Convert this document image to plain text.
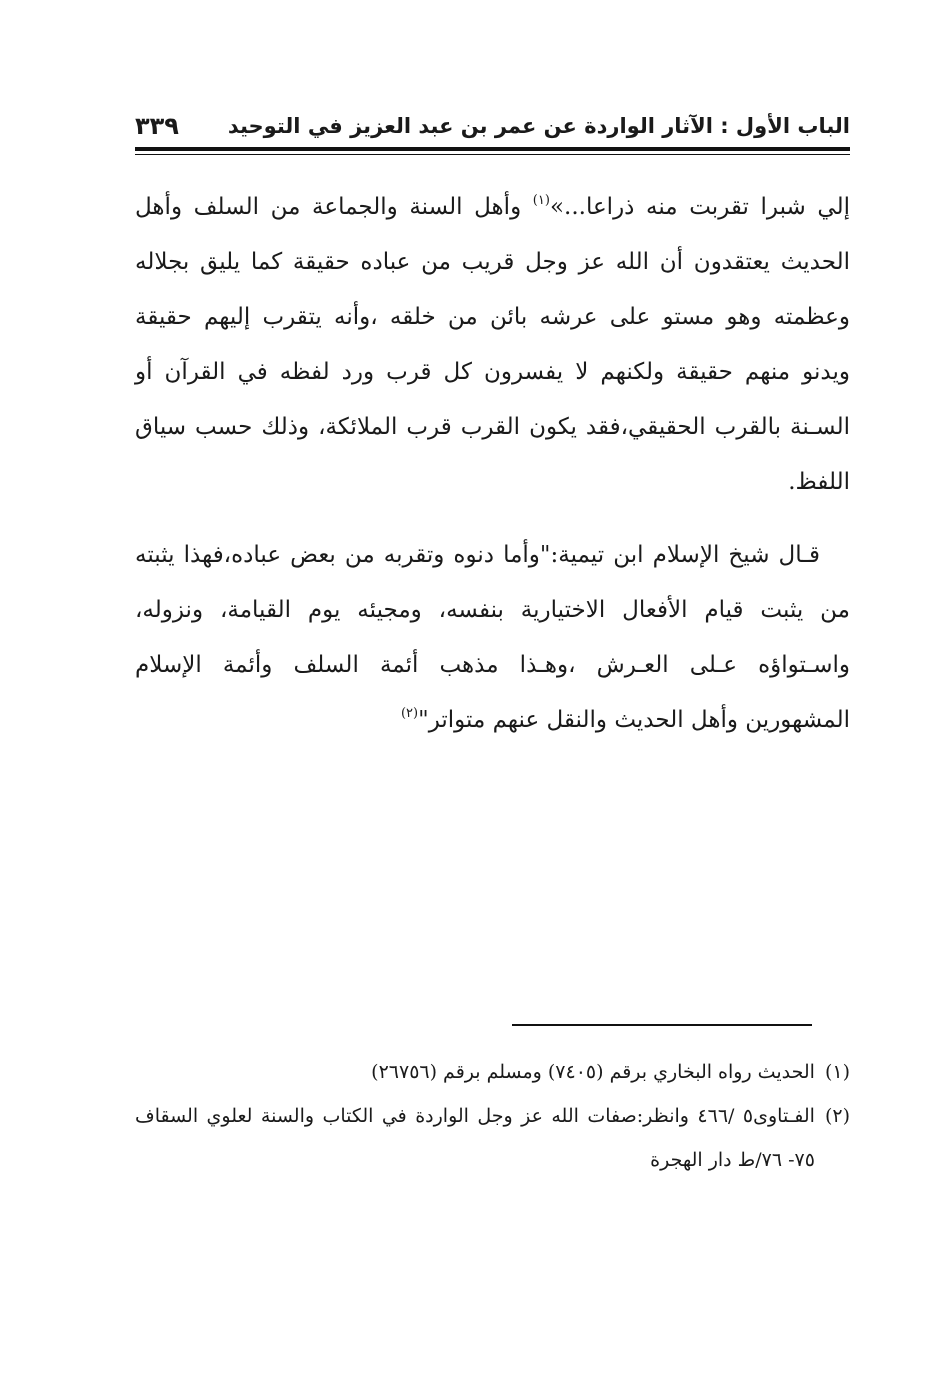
الباب الأول : الآثار الواردة عن عمر بن عبد العزيز في التوحيد
٣٣٩

إلي شبرا تقربت منه ذراعا...»$^{(١)}$ وأهل السنة والجماعة من السلف وأهل الحديث يعتقدون أن الله عز وجل قريب من عباده حقيقة كما يليق بجلاله وعظمته وهو مستو على عرشه بائن من خلقه ،وأنه يتقرب إليهم حقيقة ويدنو منهم حقيقة ولكنهم لا يفسرون كل قرب ورد لفظه في القرآن أو السـنة بالقرب الحقيقي،فقد يكون القرب قرب الملائكة، وذلك حسب سياق اللفظ.

قـال شيخ الإسلام ابن تيمية:"وأما دنوه وتقربه من بعض عباده،فهذا يثبته من يثبت قيام الأفعال الاختيارية بنفسه، ومجيئه يوم القيامة، ونزوله، واسـتواؤه عـلى العـرش ،وهـذا مذهب أئمة السلف وأئمة الإسلام المشهورين وأهل الحديث والنقل عنهم متواتر"$^{(٢)}$

(١)
الحديث رواه البخاري برقم (٧٤٠٥) ومسلم برقم (٢٦٧٥٦)

(٢)
الفـتاوى٥ /٤٦٦ وانظر:صفات الله عز وجل الواردة في الكتاب والسنة لعلوي السقاف ٧٥- ٧٦/ط دار الهجرة
